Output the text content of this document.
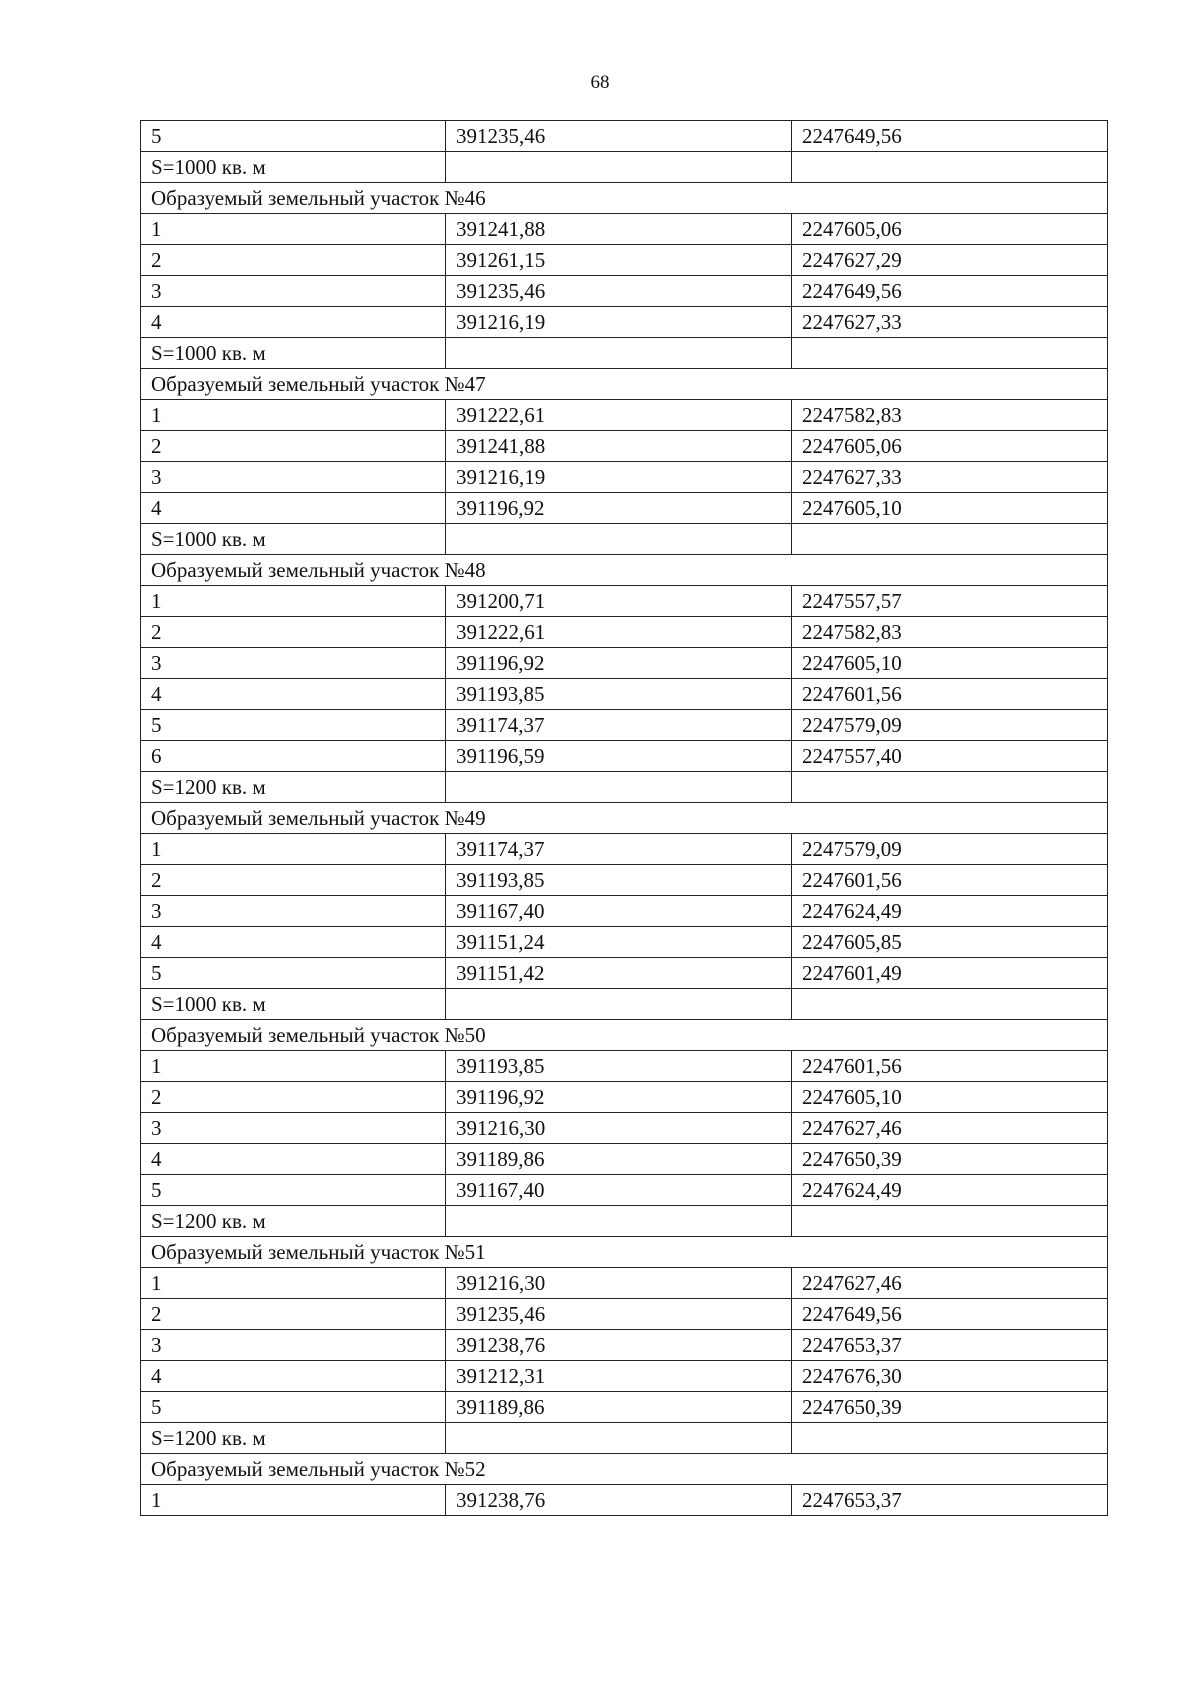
68
5	391235,46	2247649,56
S=1000 кв. м		
Образуемый земельный участок №46		
1	391241,88	2247605,06
2	391261,15	2247627,29
3	391235,46	2247649,56
4	391216,19	2247627,33
S=1000 кв. м		
Образуемый земельный участок №47		
1	391222,61	2247582,83
2	391241,88	2247605,06
3	391216,19	2247627,33
4	391196,92	2247605,10
S=1000 кв. м		
Образуемый земельный участок №48		
1	391200,71	2247557,57
2	391222,61	2247582,83
3	391196,92	2247605,10
4	391193,85	2247601,56
5	391174,37	2247579,09
6	391196,59	2247557,40
S=1200 кв. м		
Образуемый земельный участок №49		
1	391174,37	2247579,09
2	391193,85	2247601,56
3	391167,40	2247624,49
4	391151,24	2247605,85
5	391151,42	2247601,49
S=1000 кв. м		
Образуемый земельный участок №50		
1	391193,85	2247601,56
2	391196,92	2247605,10
3	391216,30	2247627,46
4	391189,86	2247650,39
5	391167,40	2247624,49
S=1200 кв. м		
Образуемый земельный участок №51		
1	391216,30	2247627,46
2	391235,46	2247649,56
3	391238,76	2247653,37
4	391212,31	2247676,30
5	391189,86	2247650,39
S=1200 кв. м		
Образуемый земельный участок №52		
1	391238,76	2247653,37
